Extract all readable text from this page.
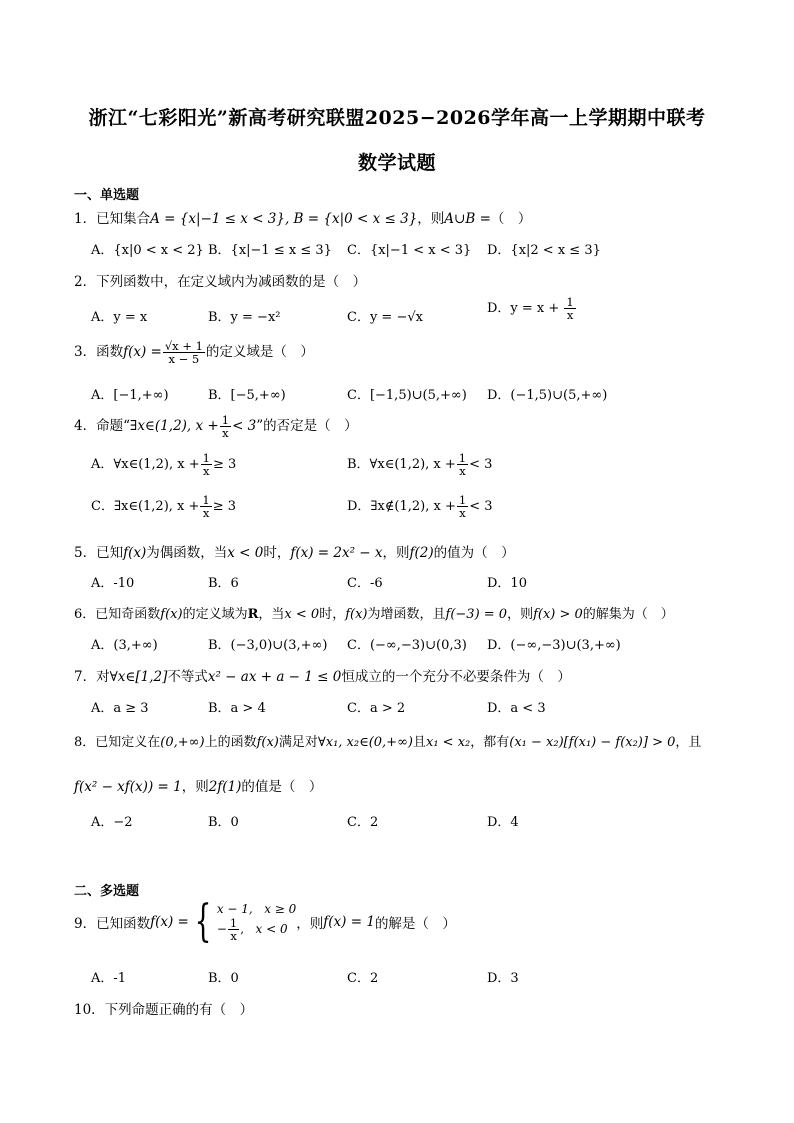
浙江“七彩阳光”新高考研究联盟2025−2026学年高一上学期期中联考
数学试题
一、单选题
1．已知集合A = {x|−1 ≤ x < 3}, B = {x|0 < x ≤ 3}，则A∪B =（　）
A．{x|0 < x < 2} B．{x|−1 ≤ x ≤ 3} C．{x|−1 < x < 3} D．{x|2 < x ≤ 3}
2．下列函数中，在定义域内为减函数的是（　）
A．y = x	B．y = −x²	C．y = −√x
D．$y = x + \frac{1}{x}$
3．函数$f(x) = \frac{√x + 1}{x - 5}$ 的定义域是（　）
A．[−1,+∞)	B．[−5,+∞)	C．[−1,5)∪(5,+∞) D．(−1,5)∪(5,+∞)
4．命题“∃x∈(1,2), $x + \frac{1}{x} < 3$”的否定是（　）
A．∀x∈(1,2), $x + \frac{1}{x} \ge 3$	B．∀x∈(1,2), $x + \frac{1}{x} < 3$
C．∃x∈(1,2), $x + \frac{1}{x} \ge 3$	D．∃x∉(1,2), $x + \frac{1}{x} < 3$
5．已知f(x)为偶函数，当x < 0时，f(x) = 2x² − x，则f(2)的值为（　）
A．-10	B．6	C．-6	D．10
6．已知奇函数f(x)的定义域为R，当x < 0时，f(x)为增函数，且f(−3) = 0，则f(x) > 0的解集为（　）
A．(3,+∞)	B．(−3,0)∪(3,+∞) C．(−∞,−3)∪(0,3) D．(−∞,−3)∪(3,+∞)
7．对∀x∈[1,2]不等式x² − ax + a − 1 ≤ 0恒成立的一个充分不必要条件为（　）
A．a ≥ 3	B．a > 4	C．a > 2	D．a < 3
8．已知定义在(0,+∞)上的函数f(x)满足对∀x₁, x₂∈(0,+∞)且x₁ < x₂，都有(x₁ − x₂)[f(x₁) − f(x₂)] > 0，且
f(x² − xf(x)) = 1，则2f(1)的值是（　）
A．−2	B．0	C．2	D．4
二、多选题
9．已知函数f(x) = { x − 1, x ≥ 0
− $\frac{1}{x}$ ,   x < 0 ，则f(x) = 1的解是（　）
A．-1	B．0	C．2	D．3
10．下列命题正确的有（　）
